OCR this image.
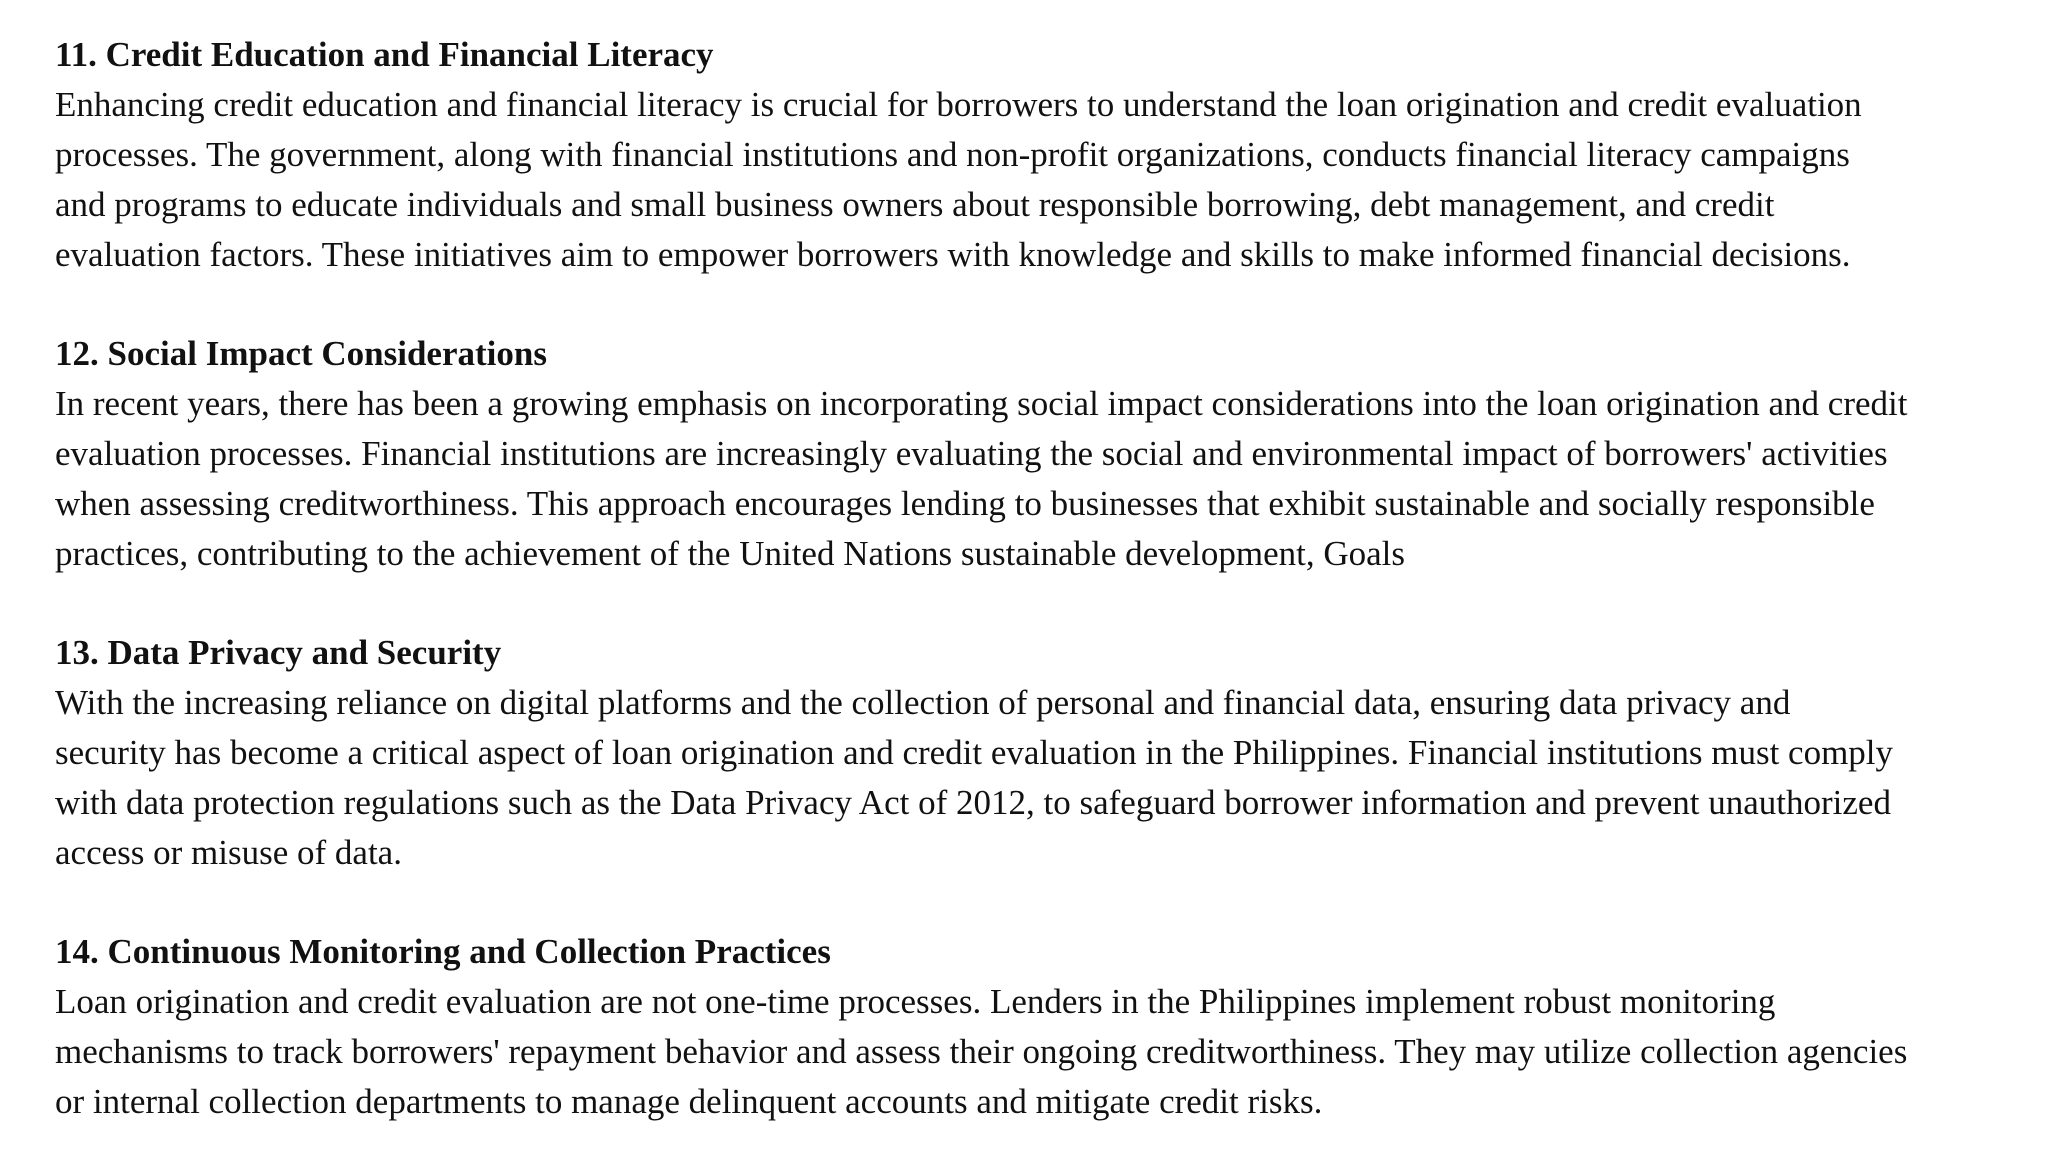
11. Credit Education and Financial Literacy

Enhancing credit education and financial literacy is crucial for borrowers to understand the loan origination and credit evaluation
processes. The government, along with financial institutions and non-profit organizations, conducts financial literacy campaigns
and programs to educate individuals and small business owners about responsible borrowing, debt management, and credit
evaluation factors. These initiatives aim to empower borrowers with knowledge and skills to make informed financial decisions.

12. Social Impact Considerations

In recent years, there has been a growing emphasis on incorporating social impact considerations into the loan origination and credit
evaluation processes. Financial institutions are increasingly evaluating the social and environmental impact of borrowers' activities
when assessing creditworthiness. This approach encourages lending to businesses that exhibit sustainable and socially responsible
practices, contributing to the achievement of the United Nations sustainable development, Goals

13. Data Privacy and Security

With the increasing reliance on digital platforms and the collection of personal and financial data, ensuring data privacy and
security has become a critical aspect of loan origination and credit evaluation in the Philippines. Financial institutions must comply
with data protection regulations such as the Data Privacy Act of 2012, to safeguard borrower information and prevent unauthorized
access or misuse of data.

14. Continuous Monitoring and Collection Practices

Loan origination and credit evaluation are not one-time processes. Lenders in the Philippines implement robust monitoring
mechanisms to track borrowers' repayment behavior and assess their ongoing creditworthiness. They may utilize collection agencies
or internal collection departments to manage delinquent accounts and mitigate credit risks.
